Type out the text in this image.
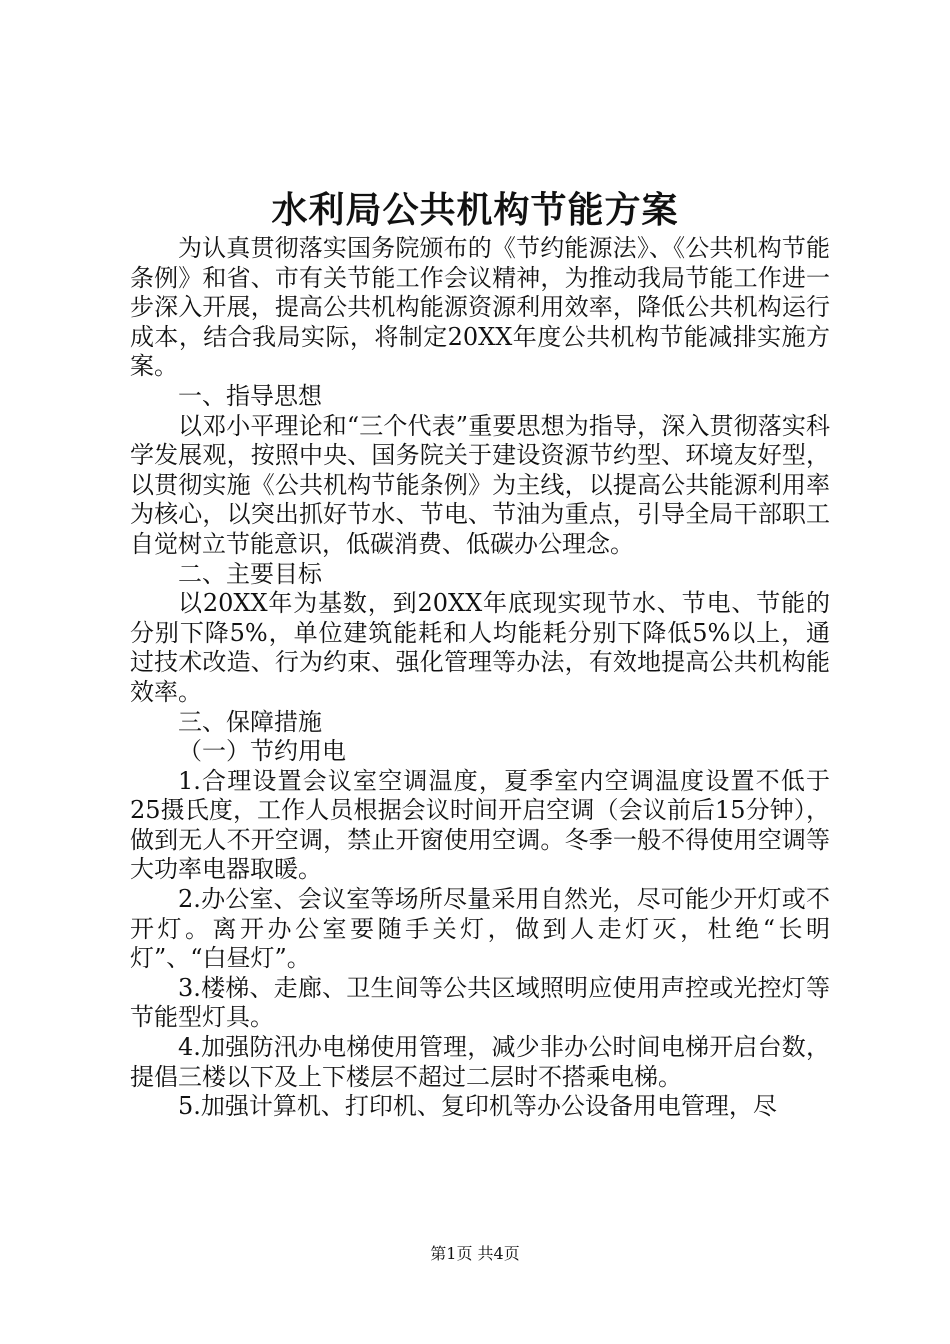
水利局公共机构节能方案

为认真贯彻落实国务院颁布的《节约能源法》、《公共机构节能条例》和省、市有关节能工作会议精神，为推动我局节能工作进一步深入开展，提高公共机构能源资源利用效率，降低公共机构运行成本，结合我局实际，将制定20XX年度公共机构节能减排实施方案。

一、指导思想

以邓小平理论和“三个代表”重要思想为指导，深入贯彻落实科学发展观，按照中央、国务院关于建设资源节约型、环境友好型，以贯彻实施《公共机构节能条例》为主线，以提高公共能源利用率为核心，以突出抓好节水、节电、节油为重点，引导全局干部职工自觉树立节能意识，低碳消费、低碳办公理念。

二、主要目标

以20XX年为基数，到20XX年底现实现节水、节电、节能的分别下降5%，单位建筑能耗和人均能耗分别下降低5%以上，通过技术改造、行为约束、强化管理等办法，有效地提高公共机构能效率。

三、保障措施

（一）节约用电

1.合理设置会议室空调温度，夏季室内空调温度设置不低于25摄氏度，工作人员根据会议时间开启空调（会议前后15分钟），做到无人不开空调，禁止开窗使用空调。冬季一般不得使用空调等大功率电器取暖。

2.办公室、会议室等场所尽量采用自然光，尽可能少开灯或不开灯。离开办公室要随手关灯，做到人走灯灭，杜绝“长明灯”、“白昼灯”。

3.楼梯、走廊、卫生间等公共区域照明应使用声控或光控灯等节能型灯具。

4.加强防汛办电梯使用管理，减少非办公时间电梯开启台数，提倡三楼以下及上下楼层不超过二层时不搭乘电梯。

5.加强计算机、打印机、复印机等办公设备用电管理，尽

第1页 共4页
